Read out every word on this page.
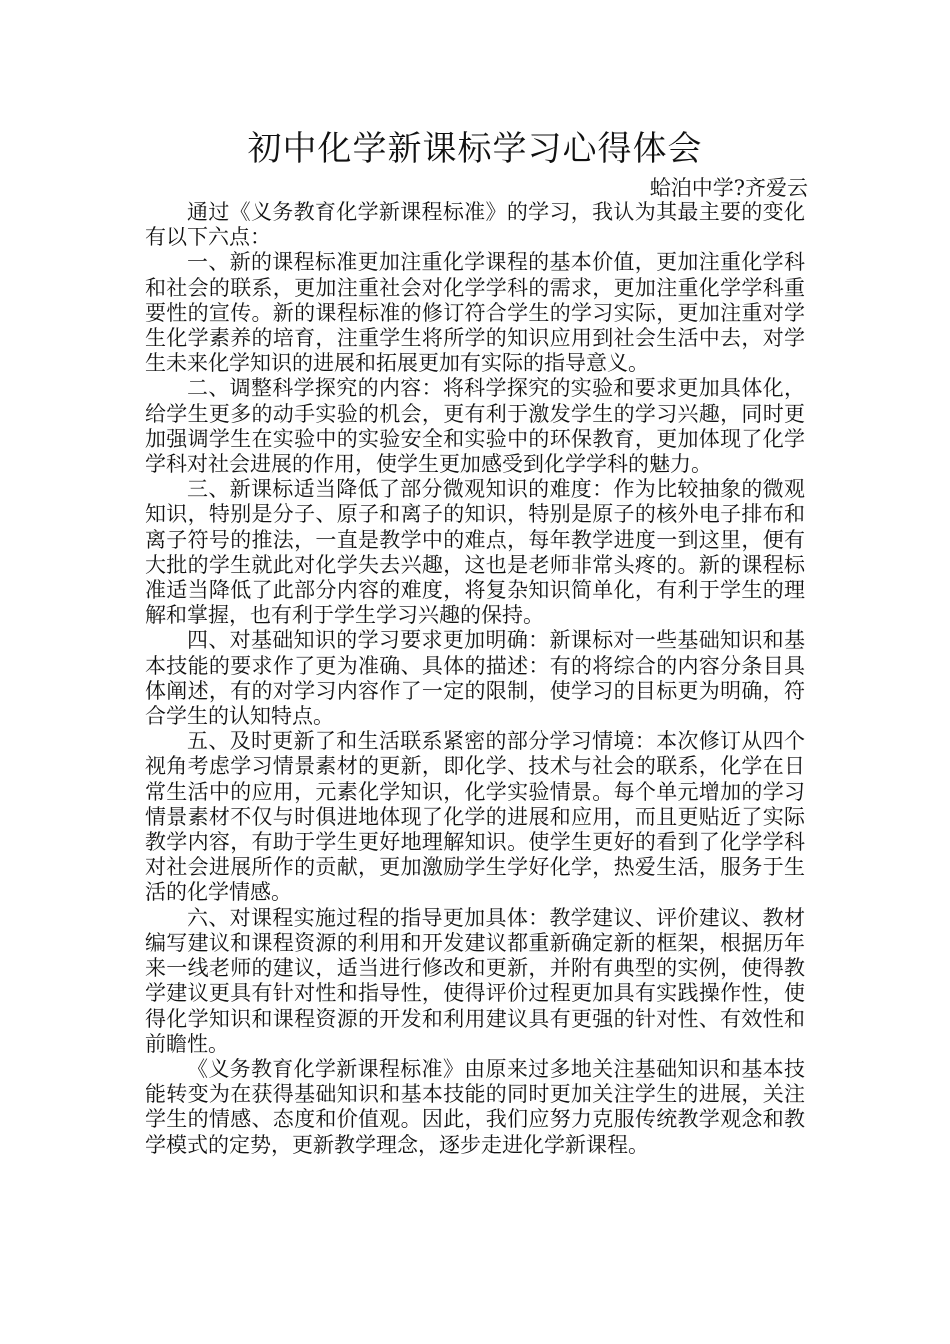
初中化学新课标学习心得体会
蛤泊中学?齐爱云

通过《义务教育化学新课程标准》的学习，我认为其最主要的变化有以下六点：

一、新的课程标准更加注重化学课程的基本价值，更加注重化学科和社会的联系，更加注重社会对化学学科的需求，更加注重化学学科重要性的宣传。新的课程标准的修订符合学生的学习实际，更加注重对学生化学素养的培育，注重学生将所学的知识应用到社会生活中去，对学生未来化学知识的进展和拓展更加有实际的指导意义。

二、调整科学探究的内容：将科学探究的实验和要求更加具体化，给学生更多的动手实验的机会，更有利于激发学生的学习兴趣，同时更加强调学生在实验中的实验安全和实验中的环保教育，更加体现了化学学科对社会进展的作用，使学生更加感受到化学学科的魅力。

三、新课标适当降低了部分微观知识的难度：作为比较抽象的微观知识，特别是分子、原子和离子的知识，特别是原子的核外电子排布和离子符号的推法，一直是教学中的难点，每年教学进度一到这里，便有大批的学生就此对化学失去兴趣，这也是老师非常头疼的。新的课程标准适当降低了此部分内容的难度，将复杂知识简单化，有利于学生的理解和掌握，也有利于学生学习兴趣的保持。

四、对基础知识的学习要求更加明确：新课标对一些基础知识和基本技能的要求作了更为准确、具体的描述：有的将综合的内容分条目具体阐述，有的对学习内容作了一定的限制，使学习的目标更为明确，符合学生的认知特点。

五、及时更新了和生活联系紧密的部分学习情境：本次修订从四个视角考虑学习情景素材的更新，即化学、技术与社会的联系，化学在日常生活中的应用，元素化学知识，化学实验情景。每个单元增加的学习情景素材不仅与时俱进地体现了化学的进展和应用，而且更贴近了实际教学内容，有助于学生更好地理解知识。使学生更好的看到了化学学科对社会进展所作的贡献，更加激励学生学好化学，热爱生活，服务于生活的化学情感。

六、对课程实施过程的指导更加具体：教学建议、评价建议、教材编写建议和课程资源的利用和开发建议都重新确定新的框架，根据历年来一线老师的建议，适当进行修改和更新，并附有典型的实例，使得教学建议更具有针对性和指导性，使得评价过程更加具有实践操作性，使得化学知识和课程资源的开发和利用建议具有更强的针对性、有效性和前瞻性。

《义务教育化学新课程标准》由原来过多地关注基础知识和基本技能转变为在获得基础知识和基本技能的同时更加关注学生的进展，关注学生的情感、态度和价值观。因此，我们应努力克服传统教学观念和教学模式的定势，更新教学理念，逐步走进化学新课程。
